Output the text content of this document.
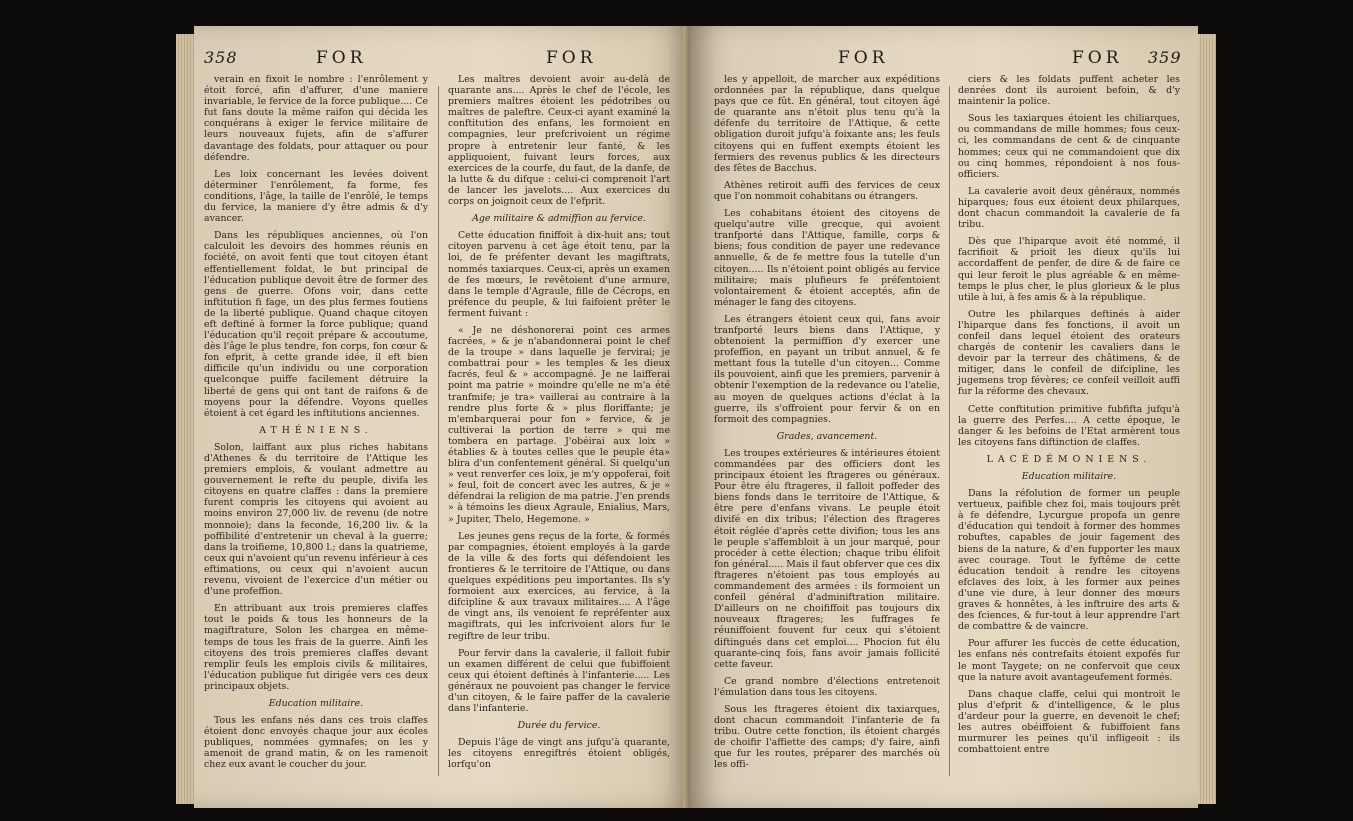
358	FOR	FOR

verain en fixoit le nombre : l'enrôlement y étoit forcé, afin d'affurer, d'une maniere invariable, le fervice de la force publique.... Ce fut fans doute la même raifon qui décida les conquérans à exiger le fervice militaire de leurs nouveaux fujets, afin de s'affurer davantage des foldats, pour attaquer ou pour défendre.

Les loix concernant les levées doivent déterminer l'enrôlement, fa forme, fes conditions, l'âge, la taille de l'enrôlé, le temps du fervice, la maniere d'y être admis & d'y avancer.

Dans les républiques anciennes, où l'on calculoit les devoirs des hommes réunis en fociété, on avoit fenti que tout citoyen étant effentiellement foldat, le but principal de l'éducation publique devoit être de former des gens de guerre. Ofons voir, dans cette inftitution fi fage, un des plus fermes foutiens de la liberté publique. Quand chaque citoyen eft deftiné à former la force publique; quand l'éducation qu'il reçoit prépare & accoutume, dès l'âge le plus tendre, fon corps, fon cœur & fon efprit, à cette grande idée, il eft bien difficile qu'un individu ou une corporation quelconque puiffe facilement détruire la liberté de gens qui ont tant de raifons & de moyens pour la défendre. Voyons quelles étoient à cet égard les inftitutions anciennes.

ATHÉNIENS.

Solon, laiffant aux plus riches habitans d'Athenes & du territoire de l'Attique les premiers emplois, & voulant admettre au gouvernement le refte du peuple, divifa les citoyens en quatre claffes : dans la premiere furent compris les citoyens qui avoient au moins environ 27,000 liv. de revenu (de notre monnoie); dans la feconde, 16,200 liv. & la poffibilité d'entretenir un cheval à la guerre; dans la troifieme, 10,800 l.; dans la quatrieme, ceux qui n'avoient qu'un revenu inférieur à ces eftimations, ou ceux qui n'avoient aucun revenu, vivoient de l'exercice d'un métier ou d'une profeffion.

En attribuant aux trois premieres claffes tout le poids & tous les honneurs de la magiftrature, Solon les chargea en même-temps de tous les frais de la guerre. Ainfi les citoyens des trois premieres claffes devant remplir feuls les emplois civils & militaires, l'éducation publique fut dirigée vers ces deux principaux objets.

Education militaire.

Tous les enfans nés dans ces trois claffes étoient donc envoyés chaque jour aux écoles publiques, nommées gymnafes; on les y amenoit de grand matin, & on les ramenoit chez eux avant le coucher du jour.

Les maîtres devoient avoir au-delà de quarante ans.... Après le chef de l'école, les premiers maîtres étoient les pédotribes ou maîtres de paleftre. Ceux-ci ayant examiné la conftitution des enfans, les formoient en compagnies, leur prefcrivoient un régime propre à entretenir leur fanté, & les appliquoient, fuivant leurs forces, aux exercices de la courfe, du faut, de la danfe, de la lutte & du difque : celui-ci comprenoit l'art de lancer les javelots.... Aux exercices du corps on joignoit ceux de l'efprit.

Age militaire & admiffion au fervice.

Cette éducation finiffoit à dix-huit ans; tout citoyen parvenu à cet âge étoit tenu, par la loi, de fe préfenter devant les magiftrats, nommés taxiarques. Ceux-ci, après un examen de fes mœurs, le revêtoient d'une armure, dans le temple d'Agraule, fille de Cécrops, en préfence du peuple, & lui faifoient prêter le ferment fuivant :

« Je ne déshonorerai point ces armes facrées, » & je n'abandonnerai point le chef de la troupe » dans laquelle je fervirai; je combattrai pour » les temples & les dieux facrés, feul & » accompagné. Je ne laifferai point ma patrie » moindre qu'elle ne m'a été tranfmife; je tra» vaillerai au contraire à la rendre plus forte & » plus floriffante; je m'embarquerai pour fon » fervice, & je cultiverai la portion de terre » qui me tombera en partage. J'obéirai aux loix » établies & à toutes celles que le peuple éta» blira d'un confentement général. Si quelqu'un » veut renverfer ces loix, je m'y oppoferai, foit » feul, foit de concert avec les autres, & je » défendrai la religion de ma patrie. J'en prends » à témoins les dieux Agraule, Enialius, Mars, » Jupiter, Thelo, Hegemone. »

Les jeunes gens reçus de la forte, & formés par compagnies, étoient employés à la garde de la ville & des forts qui défendoient les frontieres & le territoire de l'Attique, ou dans quelques expéditions peu importantes. Ils s'y formoient aux exercices, au fervice, à la difcipline & aux travaux militaires.... A l'âge de vingt ans, ils venoient fe repréfenter aux magiftrats, qui les infcrivoient alors fur le regiftre de leur tribu.

Pour fervir dans la cavalerie, il falloit fubir un examen différent de celui que fubiffoient ceux qui étoient deftinés à l'infanterie..... Les généraux ne pouvoient pas changer le fervice d'un citoyen, & le faire paffer de la cavalerie dans l'infanterie.

Durée du fervice.

Depuis l'âge de vingt ans jufqu'à quarante, les citoyens enregiftrés étoient obligés, lorfqu'on

FOR	FOR 359

les y appelloit, de marcher aux expéditions ordonnées par la république, dans quelque pays que ce fût. En général, tout citoyen âgé de quarante ans n'étoit plus tenu qu'à la défenfe du territoire de l'Attique, & cette obligation duroit jufqu'à foixante ans; les feuls citoyens qui en fuffent exempts étoient les fermiers des revenus publics & les directeurs des fêtes de Bacchus.

Athènes retiroit auffi des fervices de ceux que l'on nommoit cohabitans ou étrangers.

Les cohabitans étoient des citoyens de quelqu'autre ville grecque, qui avoient tranfporté dans l'Attique, famille, corps & biens; fous condition de payer une redevance annuelle, & de fe mettre fous la tutelle d'un citoyen..... Ils n'étoient point obligés au fervice militaire; mais plufieurs fe préfentoient volontairement & étoient acceptés, afin de ménager le fang des citoyens.

Les étrangers étoient ceux qui, fans avoir tranfporté leurs biens dans l'Attique, y obtenoient la permiffion d'y exercer une profeffion, en payant un tribut annuel, & fe mettant fous la tutelle d'un citoyen... Comme ils pouvoient, ainfi que les premiers, parvenir à obtenir l'exemption de la redevance ou l'atelie, au moyen de quelques actions d'éclat à la guerre, ils s'offroient pour fervir & on en formoit des compagnies.

Grades, avancement.

Les troupes extérieures & intérieures étoient commandées par des officiers dont les principaux étoient les ftrageres ou généraux. Pour être élu ftrageres, il falloit poffeder des biens fonds dans le territoire de l'Attique, & être pere d'enfans vivans. Le peuple étoit divifé en dix tribus; l'élection des ftrageres étoit réglée d'après cette divifion; tous les ans le peuple s'affembloit à un jour marqué, pour procéder à cette élection; chaque tribu élifoit fon général..... Mais il faut obferver que ces dix ftrageres n'étoient pas tous employés au commandement des armées : ils formoient un confeil général d'adminiftration militaire. D'ailleurs on ne choififfoit pas toujours dix nouveaux ftrageres; les fuffrages fe réuniffoient fouvent fur ceux qui s'étoient diftingués dans cet emploi.... Phocion fut élu quarante-cinq fois, fans avoir jamais follicité cette faveur.

Ce grand nombre d'élections entretenoit l'émulation dans tous les citoyens.

Sous les ftrageres étoient dix taxiarques, dont chacun commandoit l'infanterie de fa tribu. Outre cette fonction, ils étoient chargés de choifir l'affiette des camps; d'y faire, ainfi que fur les routes, préparer des marchés où les offi-

ciers & les foldats puffent acheter les denrées dont ils auroient befoin, & d'y maintenir la police.

Sous les taxiarques étoient les chiliarques, ou commandans de mille hommes; fous ceux-ci, les commandans de cent & de cinquante hommes; ceux qui ne commandoient que dix ou cinq hommes, répondoient à nos fous-officiers.

La cavalerie avoit deux généraux, nommés hiparques; fous eux étoient deux philarques, dont chacun commandoit la cavalerie de fa tribu.

Dès que l'hiparque avoit été nommé, il facrifioit & prioit les dieux qu'ils lui accordaffent de penfer, de dire & de faire ce qui leur feroit le plus agréable & en même-temps le plus cher, le plus glorieux & le plus utile à lui, à fes amis & à la république.

Outre les philarques deftinés à aider l'hiparque dans fes fonctions, il avoit un confeil dans lequel étoient des orateurs chargés de contenir les cavaliers dans le devoir par la terreur des châtimens, & de mitiger, dans le confeil de difcipline, les jugemens trop févères; ce confeil veilloit auffi fur la réforme des chevaux.

Cette conftitution primitive fubfifta jufqu'à la guerre des Perfes.... A cette époque, le danger & les befoins de l'Etat armèrent tous les citoyens fans diftinction de claffes.

LACÉDÉMONIENS.
Education militaire.

Dans la réfolution de former un peuple vertueux, paifible chez foi, mais toujours prêt à fe défendre, Lycurgue propofa un genre d'éducation qui tendoit à former des hommes robuftes, capables de jouir fagement des biens de la nature, & d'en fupporter les maux avec courage. Tout le fyftême de cette éducation tendoit à rendre les citoyens efclaves des loix, à les former aux peines d'une vie dure, à leur donner des mœurs graves & honnêtes, à les inftruire des arts & des fciences, & fur-tout à leur apprendre l'art de combattre & de vaincre.

Pour affurer les fuccès de cette éducation, les enfans nés contrefaits étoient expofés fur le mont Taygete; on ne confervoit que ceux que la nature avoit avantageufement formés.

Dans chaque claffe, celui qui montroit le plus d'efprit & d'intelligence, & le plus d'ardeur pour la guerre, en devenoit le chef; les autres obéiffoient & fubiffoient fans murmurer les peines qu'il infligeoit : ils combattoient entre
